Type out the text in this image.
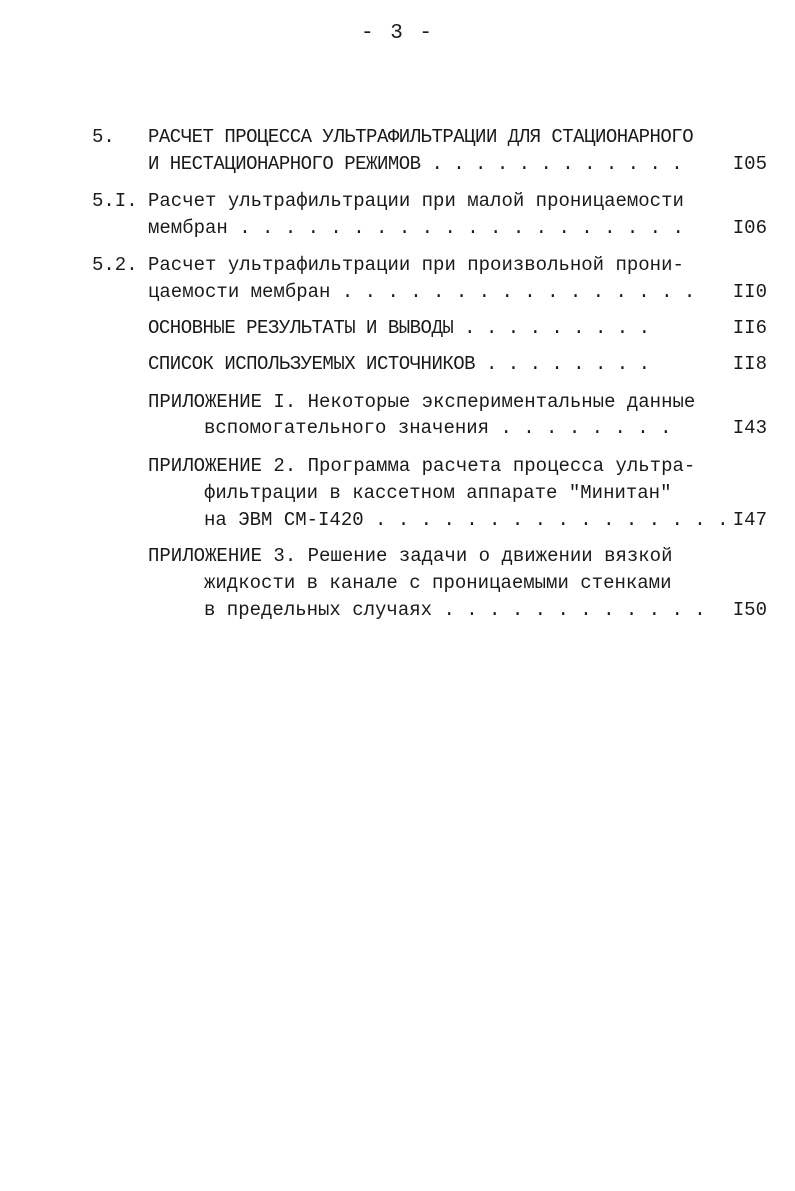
- 3 -
5. РАСЧЕТ ПРОЦЕССА УЛЬТРАФИЛЬТРАЦИИ ДЛЯ СТАЦИОНАРНОГО
И НЕСТАЦИОНАРНОГО РЕЖИМОВ . . . . . . . . . . . .	I05
5.I. Расчет ультрафильтрации при малой проницаемости
мембран . . . . . . . . . . . . . . . . . . . .	I06
5.2. Расчет ультрафильтрации при произвольной прони-
цаемости мембран . . . . . . . . . . . . . . . . II0
ОСНОВНЫЕ РЕЗУЛЬТАТЫ И ВЫВОДЫ . . . . . . . . .	II6
СПИСОК ИСПОЛЬЗУЕМЫХ ИСТОЧНИКОВ . . . . . . . .	II8
ПРИЛОЖЕНИЕ I. Некоторые экспериментальные данные
вспомогательного значения . . . . . . . .	I43
ПРИЛОЖЕНИЕ 2. Программа расчета процесса ультра-
фильтрации в кассетном аппарате "Минитан"
на ЭВМ СМ-I420 . . . . . . . . . . . . . . . . I47
ПРИЛОЖЕНИЕ 3. Решение задачи о движении вязкой
жидкости в канале с проницаемыми стенками
в предельных случаях . . . . . . . . . . . . I50
